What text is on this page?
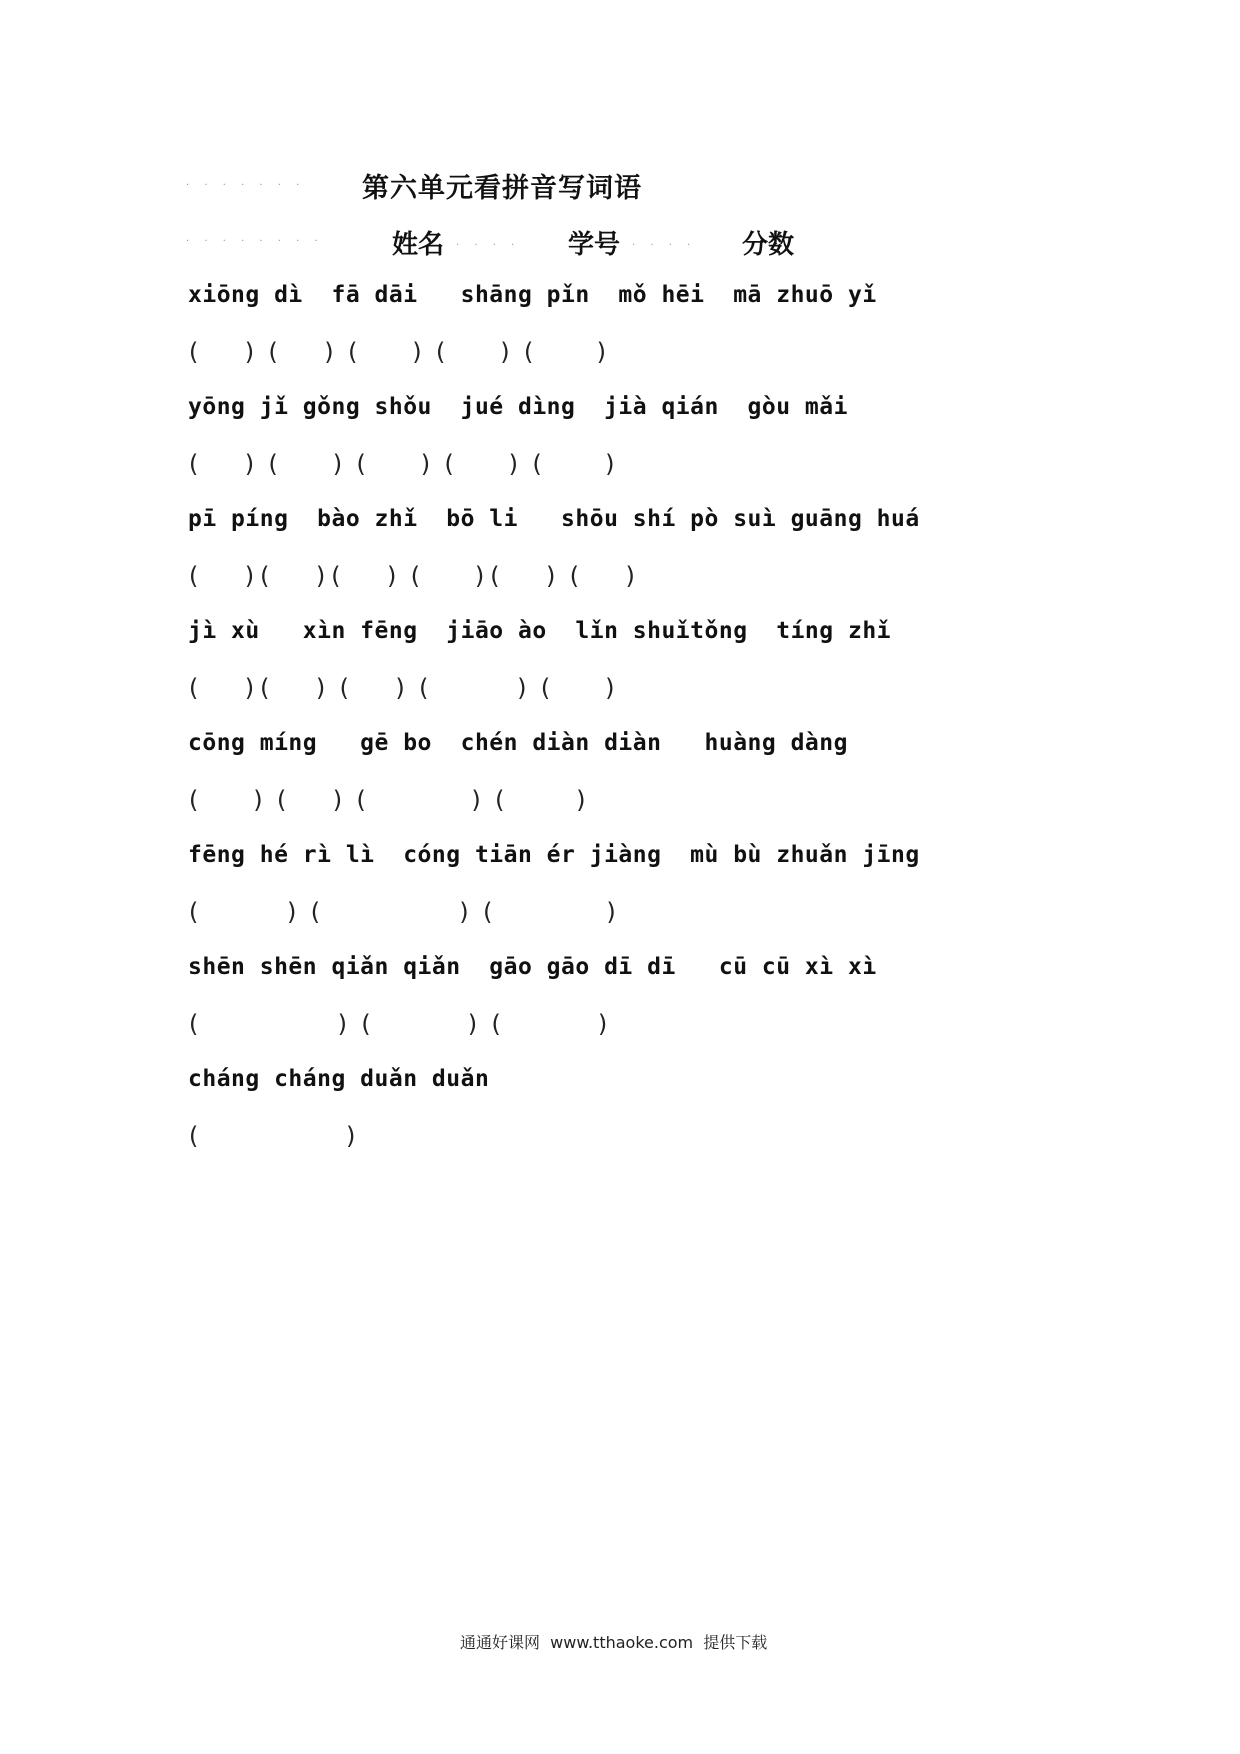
· · · · · · · 第六单元看拼音写词语
· · · · · · · ·	姓名 · · · · 学号 · · · · 分数
xiōng dì  fā dāi   shāng pǐn  mǒ hēi  mā zhuō yǐ
( ) ( ) ( ) ( ) ( )
yōng jǐ gǒng shǒu  jué dìng  jià qián  gòu mǎi
( ) ( ) ( ) ( ) ( )
pī píng  bào zhǐ  bō li   shōu shí pò suì guāng huá
( )( )( ) ( )( ) ( )
jì xù   xìn fēng  jiāo ào  lǐn shuǐtǒng  tíng zhǐ
( )( ) ( ) (	) ( )
cōng míng   gē bo  chén diàn diàn   huàng dàng
( ) ( ) (	) (	)
fēng hé rì lì  cóng tiān ér jiàng  mù bù zhuǎn jīng
(	) (	) (	)
shēn shēn qiǎn qiǎn  gāo gāo dī dī   cū cū xì xì
(	) (	) (	)
cháng cháng duǎn duǎn
(	)
通通好课网  www.tthaoke.com  提供下载
